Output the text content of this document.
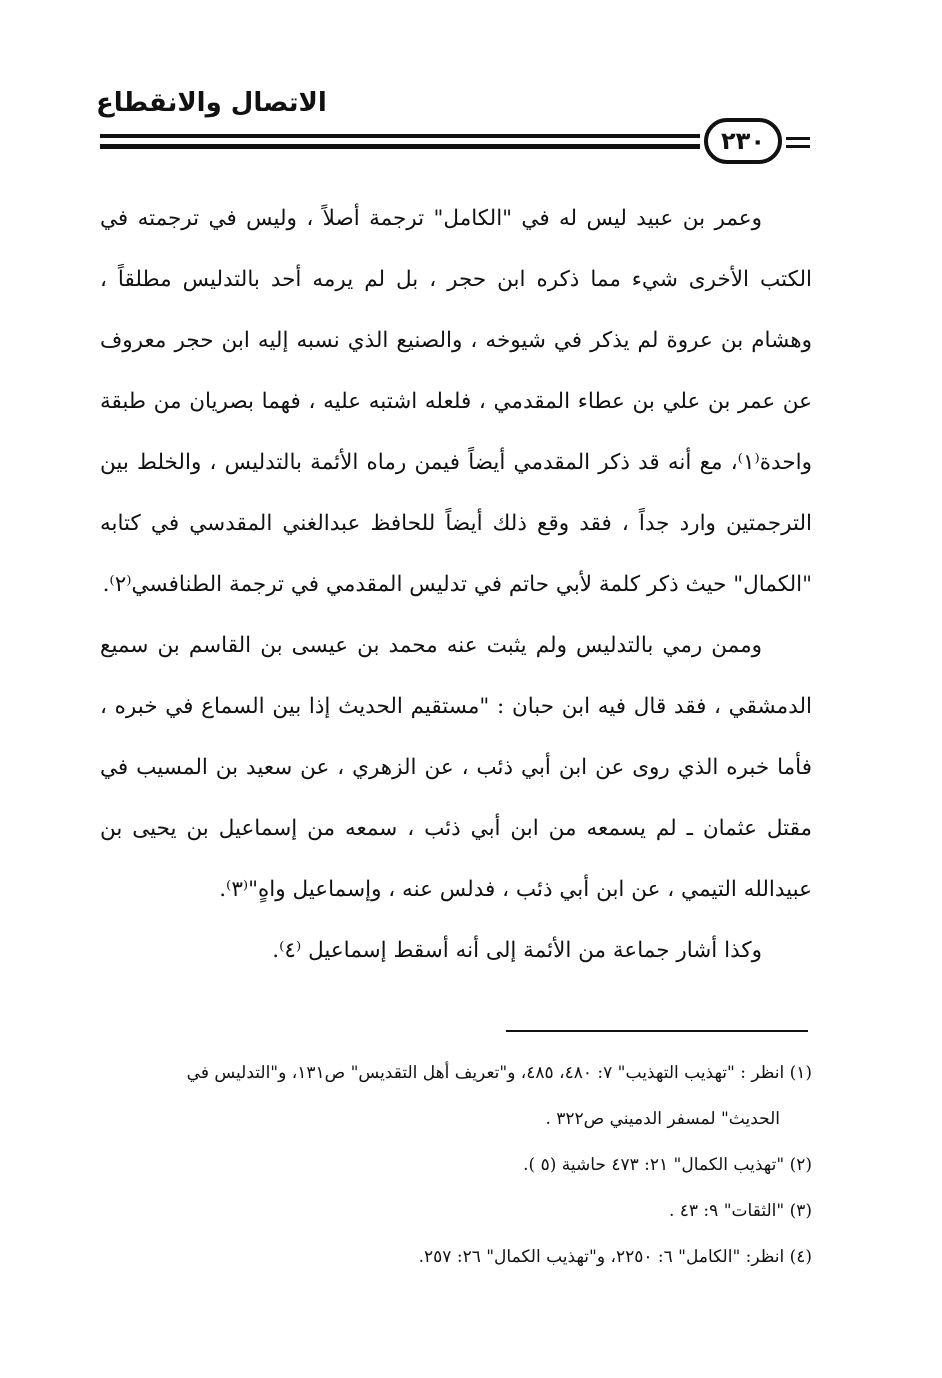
الاتصال والانقطاع
٢٣٠

وعمر بن عبيد ليس له في "الكامل" ترجمة أصلاً ، وليس في ترجمته في الكتب الأخرى شيء مما ذكره ابن حجر ، بل لم يرمه أحد بالتدليس مطلقاً ، وهشام بن عروة لم يذكر في شيوخه ، والصنيع الذي نسبه إليه ابن حجر معروف عن عمر بن علي بن عطاء المقدمي ، فلعله اشتبه عليه ، فهما بصريان من طبقة واحدة⁽١⁾، مع أنه قد ذكر المقدمي أيضاً فيمن رماه الأئمة بالتدليس ، والخلط بين الترجمتين وارد جداً ، فقد وقع ذلك أيضاً للحافظ عبدالغني المقدسي في كتابه "الكمال" حيث ذكر كلمة لأبي حاتم في تدليس المقدمي في ترجمة الطنافسي⁽٢⁾.

وممن رمي بالتدليس ولم يثبت عنه محمد بن عيسى بن القاسم بن سميع الدمشقي ، فقد قال فيه ابن حبان : "مستقيم الحديث إذا بين السماع في خبره ، فأما خبره الذي روى عن ابن أبي ذئب ، عن الزهري ، عن سعيد بن المسيب في مقتل عثمان ـ لم يسمعه من ابن أبي ذئب ، سمعه من إسماعيل بن يحيى بن عبيدالله التيمي ، عن ابن أبي ذئب ، فدلس عنه ، وإسماعيل واهٍ"⁽٣⁾.

وكذا أشار جماعة من الأئمة إلى أنه أسقط إسماعيل ⁽٤⁾.

(١) انظر : "تهذيب التهذيب" ٧: ٤٨٠، ٤٨٥، و"تعريف أهل التقديس" ص١٣١، و"التدليس في

الحديث" لمسفر الدميني ص٣٢٢ .

(٢) "تهذيب الكمال" ٢١: ٤٧٣ حاشية (٥ ).

(٣) "الثقات" ٩: ٤٣ .

(٤) انظر: "الكامل" ٦: ٢٢٥٠، و"تهذيب الكمال" ٢٦: ٢٥٧.
